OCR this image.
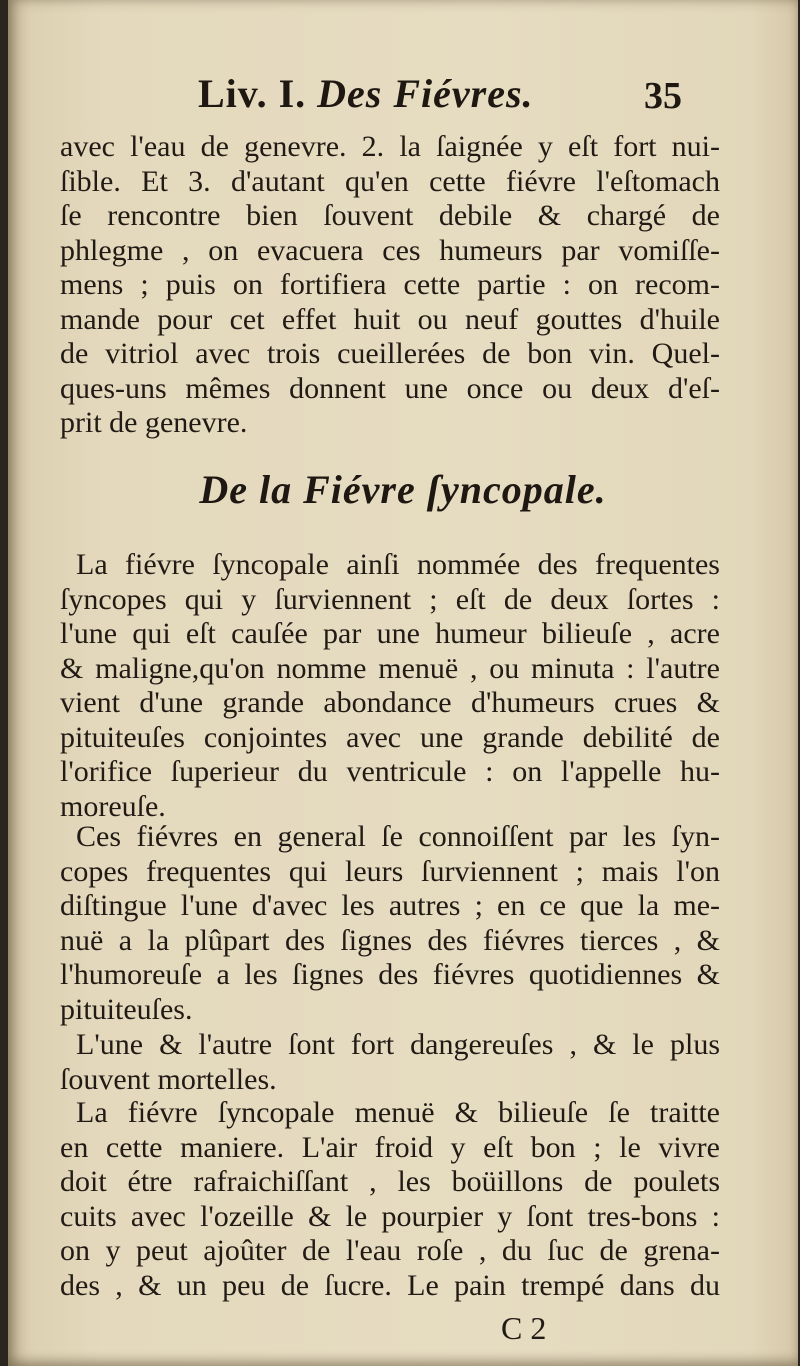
Liv. I. Des Fiévres.	35

avec l'eau de genevre. 2. la ſaignée y eſt fort nui-
ſible. Et 3. d'autant qu'en cette fiévre l'eſtomach
ſe rencontre bien ſouvent debile & chargé de
phlegme , on evacuera ces humeurs par vomiſſe-
mens ; puis on fortifiera cette partie : on recom-
mande pour cet effet huit ou neuf gouttes d'huile
de vitriol avec trois cueillerées de bon vin. Quel-
ques-uns mêmes donnent une once ou deux d'eſ-
prit de genevre.

De la Fiévre ſyncopale.

La fiévre ſyncopale ainſi nommée des frequentes
ſyncopes qui y ſurviennent ; eſt de deux ſortes :
l'une qui eſt cauſée par une humeur bilieuſe , acre
& maligne,qu'on nomme menuë , ou minuta : l'autre
vient d'une grande abondance d'humeurs crues &
pituiteuſes conjointes avec une grande debilité de
l'orifice ſuperieur du ventricule : on l'appelle hu-
moreuſe.

Ces fiévres en general ſe connoiſſent par les ſyn-
copes frequentes qui leurs ſurviennent ; mais l'on
diſtingue l'une d'avec les autres ; en ce que la me-
nuë a la plûpart des ſignes des fiévres tierces , &
l'humoreuſe a les ſignes des fiévres quotidiennes &
pituiteuſes.

L'une & l'autre ſont fort dangereuſes , & le plus
ſouvent mortelles.

La fiévre ſyncopale menuë & bilieuſe ſe traitte
en cette maniere. L'air froid y eſt bon ; le vivre
doit étre rafraichiſſant , les boüillons de poulets
cuits avec l'ozeille & le pourpier y ſont tres-bons :
on y peut ajoûter de l'eau roſe , du ſuc de grena-
des , & un peu de ſucre. Le pain trempé dans du

C 2
